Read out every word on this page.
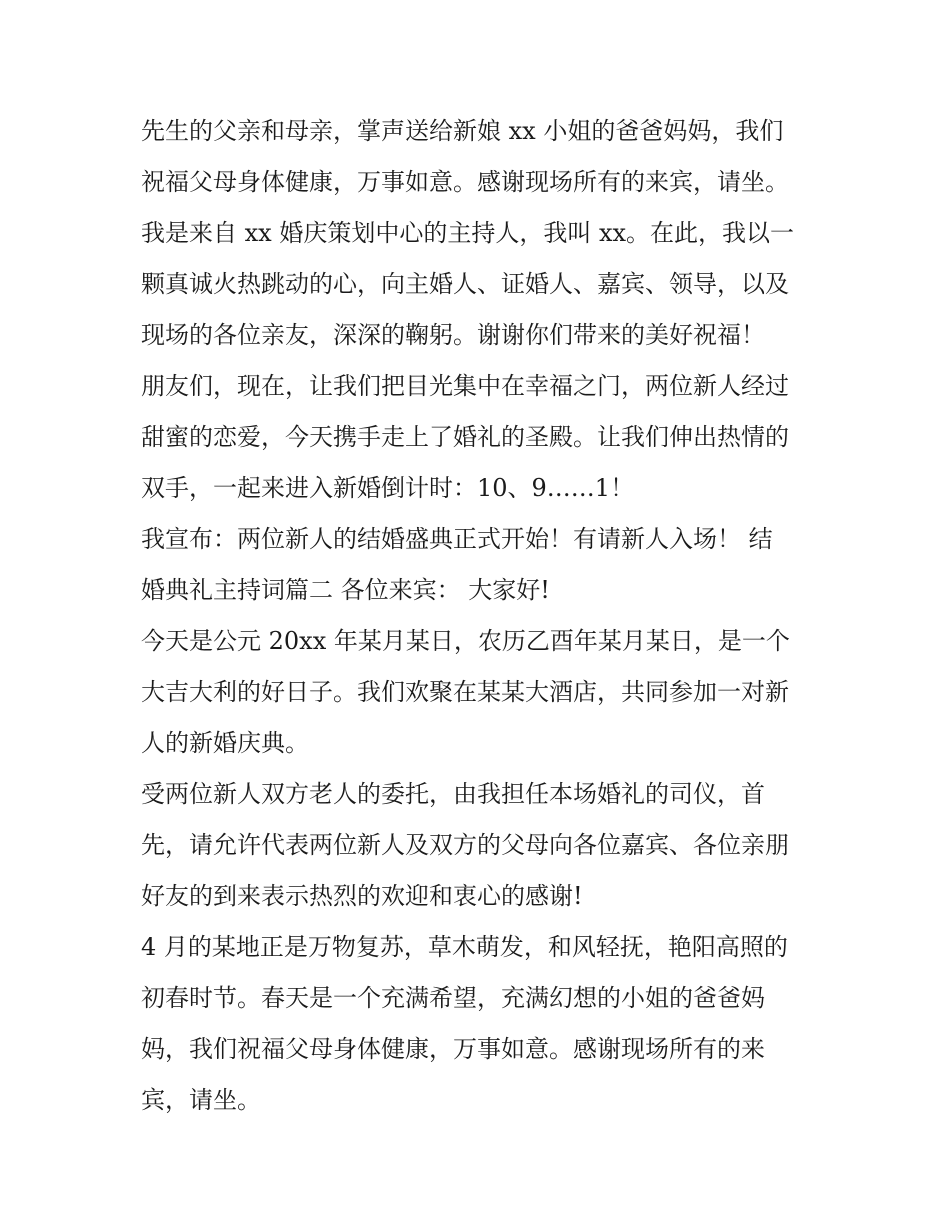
先生的父亲和母亲，掌声送给新娘 xx 小姐的爸爸妈妈，我们
祝福父母身体健康，万事如意。感谢现场所有的来宾，请坐。
我是来自 xx 婚庆策划中心的主持人，我叫 xx。在此，我以一
颗真诚火热跳动的心，向主婚人、证婚人、嘉宾、领导，以及
现场的各位亲友，深深的鞠躬。谢谢你们带来的美好祝福！
朋友们，现在，让我们把目光集中在幸福之门，两位新人经过
甜蜜的恋爱，今天携手走上了婚礼的圣殿。让我们伸出热情的
双手，一起来进入新婚倒计时：10、9……1！
我宣布：两位新人的结婚盛典正式开始！有请新人入场！ 结
婚典礼主持词篇二 各位来宾： 大家好!
今天是公元 20xx 年某月某日，农历乙酉年某月某日，是一个
大吉大利的好日子。我们欢聚在某某大酒店，共同参加一对新
人的新婚庆典。
受两位新人双方老人的委托，由我担任本场婚礼的司仪，首
先，请允许代表两位新人及双方的父母向各位嘉宾、各位亲朋
好友的到来表示热烈的欢迎和衷心的感谢!
4 月的某地正是万物复苏，草木萌发，和风轻抚，艳阳高照的
初春时节。春天是一个充满希望，充满幻想的小姐的爸爸妈
妈，我们祝福父母身体健康，万事如意。感谢现场所有的来
宾，请坐。
